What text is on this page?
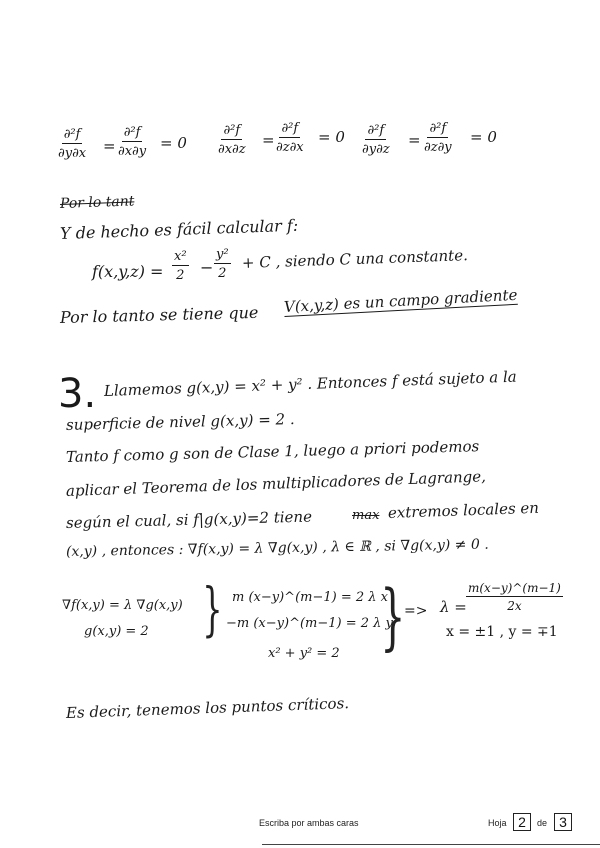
$\frac{\text{∂²f}}{\partial y\partial x} = \frac{\text{∂²f}}{\partial x\partial y} = 0 \frac{\text{∂²f}}{\partial x\partial z} = \frac{\text{∂²f}}{\partial z\partial x} = 0 \frac{\text{∂²f}}{\partial y\partial z} = \frac{\text{∂²f}}{\partial z\partial y} = 0$
Por lo tant
Y de hecho es fácil calcular f:
$f(x,y,z) = \frac{\text{x²}}{2} - \frac{\text{y²}}{2} + C$ , siendo C una constante.
Por lo tanto se tiene que V(x,y,z) es un campo gradiente
3. Llamemos g(x,y) = x² + y² . Entonces f está sujeto a la
superficie de nivel g(x,y) = 2 .
Tanto f como g son de Clase 1, luego a priori podemos
aplicar el Teorema de los multiplicadores de Lagrange,
según el cual, si f|g(x,y)=2 tiene	max extremos locales en
(x,y) , entonces : ∇f(x,y) = λ ∇g(x,y) , λ ∈ ℝ , si ∇g(x,y) ≠ 0 .
∇f(x,y) = λ ∇g(x,y)
g(x,y) = 2 } m (x−y)^(m−1) = 2 λ x
−m (x−y)^(m−1) = 2 λ y
x² + y² = 2 }
=> $\lambda = \frac{m(x-y)\^{}(m-1)}{2x}$
x = ±1 , y = ∓1
Es decir, tenemos los puntos críticos.
Escriba por ambas caras	Hoja 2 de 3
